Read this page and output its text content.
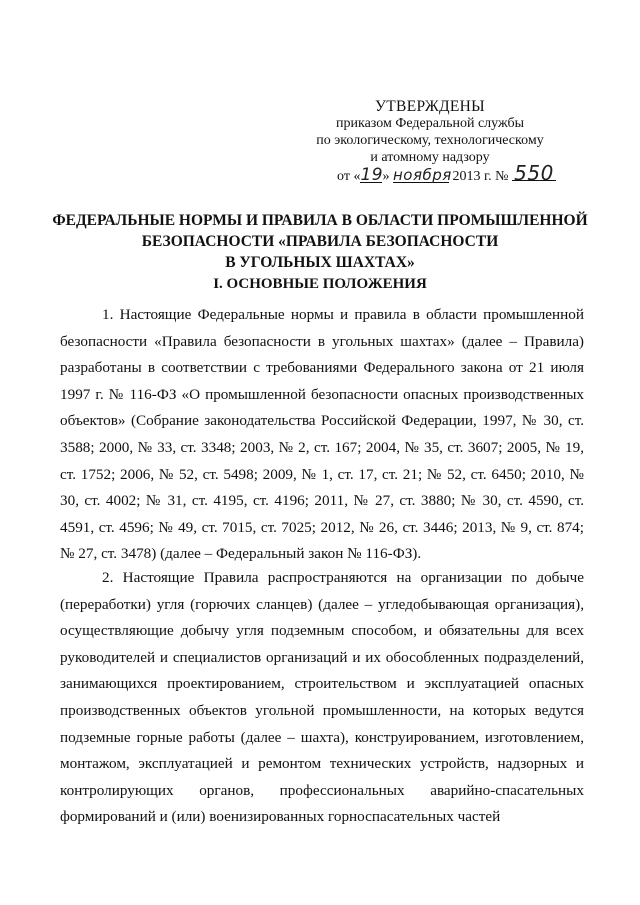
УТВЕРЖДЕНЫ
приказом Федеральной службы
по экологическому, технологическому
и атомному надзору
от «19» ноября 2013 г. № 550
ФЕДЕРАЛЬНЫЕ НОРМЫ И ПРАВИЛА В ОБЛАСТИ ПРОМЫШЛЕННОЙ
БЕЗОПАСНОСТИ «ПРАВИЛА БЕЗОПАСНОСТИ
В УГОЛЬНЫХ ШАХТАХ»
I. ОСНОВНЫЕ ПОЛОЖЕНИЯ
1. Настоящие Федеральные нормы и правила в области промышленной безопасности «Правила безопасности в угольных шахтах» (далее – Правила) разработаны в соответствии с требованиями Федерального закона от 21 июля 1997 г. № 116-ФЗ «О промышленной безопасности опасных производственных объектов» (Собрание законодательства Российской Федерации, 1997, № 30, ст. 3588; 2000, № 33, ст. 3348; 2003, № 2, ст. 167; 2004, № 35, ст. 3607; 2005, № 19, ст. 1752; 2006, № 52, ст. 5498; 2009, № 1, ст. 17, ст. 21; № 52, ст. 6450; 2010, № 30, ст. 4002; № 31, ст. 4195, ст. 4196; 2011, № 27, ст. 3880; № 30, ст. 4590, ст. 4591, ст. 4596; № 49, ст. 7015, ст. 7025; 2012, № 26, ст. 3446; 2013, № 9, ст. 874; № 27, ст. 3478) (далее – Федеральный закон № 116-ФЗ).
2. Настоящие Правила распространяются на организации по добыче (переработки) угля (горючих сланцев) (далее – угледобывающая организация), осуществляющие добычу угля подземным способом, и обязательны для всех руководителей и специалистов организаций и их обособленных подразделений, занимающихся проектированием, строительством и эксплуатацией опасных производственных объектов угольной промышленности, на которых ведутся подземные горные работы (далее – шахта), конструированием, изготовлением, монтажом, эксплуатацией и ремонтом технических устройств, надзорных и контролирующих органов, профессиональных аварийно-спасательных формирований и (или) военизированных горноспасательных частей
